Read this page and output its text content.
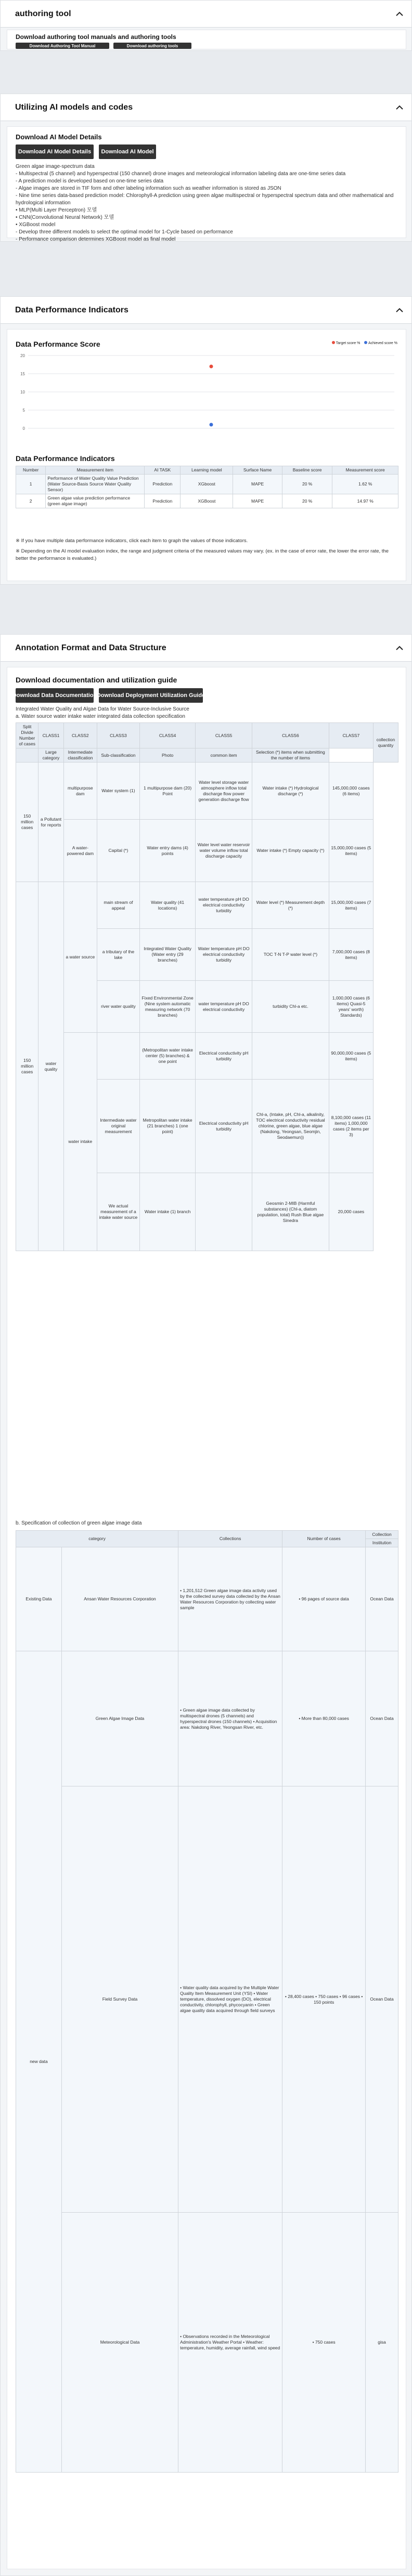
authoring tool
Download authoring tool manuals and authoring tools
Download Authoring Tool Manual	Download authoring tools
Utilizing AI models and codes
Download AI Model Details
Download AI Model Details	Download AI Model
Green algae image-spectrum data
- Multispectral (5 channel) and hyperspectral (150 channel) drone images and meteorological information labeling data are one-time series data
- A prediction model is developed based on one-time series data
- Algae images are stored in TIF form and other labeling information such as weather information is stored as JSON
- Nine time series data-based prediction model: Chlorophyll-A prediction using green algae multispectral or hyperspectral spectrum data and other mathematical and hydrological information
• MLP(Multi Layer Perceptron) 모델
• CNN(Convolutional Neural Network) 모델
• XGBoost model
- Develop three different models to select the optimal model for 1-Cycle based on performance
- Performance comparison determines XGBoost model as final model
Data Performance Indicators
Data Performance Score	Target score %	Achieved score %
0
5
10
15
20
Data Performance Indicators
Number	Measurement item	AI TASK	Learning model	Surface Name	Baseline score	Measurement score
1	Performance of Water Quality Value Prediction (Water Source-Basis Source Water Quality Sensor)	Prediction	XGboost	MAPE	20 %	1.62 %
2	Green algae value prediction performance (green algae image)	Prediction	XGBoost	MAPE	20 %	14.97 %
※ If you have multiple data performance indicators, click each item to graph the values of those indicators.
※ Depending on the AI model evaluation index, the range and judgment criteria of the measured values may vary. (ex. in the case of error rate, the lower the error rate, the better the performance is evaluated.)
Annotation Format and Data Structure
Download documentation and utilization guide
Download Data Documentation Download Deployment Utilization Guide
Integrated Water Quality and Algae Data for Water Source-Inclusive Source
a. Water source water intake water integrated data collection specification
Split
Divide
Number of cases	CLASS1	CLASS2	CLASS3	CLASS4	CLASS5	CLASS6	CLASS7	collection quantity
	Large category	Intermediate classification	Sub-classification	Photo	common item	Selection (*) items when submitting the number of items		
150 million cases	a Pollutant for reports	multipurpose dam	Water system (1)	1 multipurpose dam (20) Point	Water level storage water atmosphere inflow total discharge flow power generation discharge flow	Water intake (*) Hydrological discharge (*)	145,000,000 cases (6 items)	
		A water-powered dam	Capital (*)	Water entry dams (4) points	Water level water reservoir water volume inflow total discharge capacity	Water intake (*) Empty capacity (*)	15,000,000 cases (5 items)	
150 million cases	water quality	a water source	main stream of appeal	Water quality (41 locations)	water temperature pH DO electrical conductivity turbidity	Water level (*) Measurement depth (*)	15,000,000 cases (7 items)	
			a tributary of the lake	Integrated Water Quality (Water entry (29 branches)	Water temperature pH DO electrical conductivity turbidity	TOC T-N T-P water level (*)	7,000,000 cases (8 items)	
			river water quality	Fixed Environmental Zone (Nine system automatic measuring network (70 branches)	water temperature pH DO electrical conductivity	turbidity Chl-a etc.	1,000,000 cases (6 items) Quasi-5 years' worth) Standards)	
		water intake		(Metropolitan water intake center (5) branches) & one point	Electrical conductivity pH turbidity		90,000,000 cases (5 items)	
			Intermediate water original measurement	Metropolitan water intake (21 branches) 1 (one point)	Electrical conductivity pH turbidity	Chl-a, (Intake, pH, Chl-a, alkalinity, TOC electrical conductivity residual chlorine, green algae, blue algae (Nakdong, Yeongsan, Seomjin, Seodaemun))	8,100,000 cases (11 items) 1,000,000 cases (2 items per 3)	
			We actual measurement of a intake water source	Water intake (1) branch		Geosmin 2-MIB (Harmful substances) (Chl-a, diatom population, total) Rush Blue algae Sinedra	20,000 cases	
b. Specification of collection of green algae image data
category		Collections	Number of cases	Collection
				Institution
Existing Data	Ansan Water Resources Corporation	• 1,201,512 Green algae image data activity used by the collected survey data collected by the Ansan Water Resources Corporation by collecting water sample	• 96 pages of source data	Ocean Data
new data	Green Algae Image Data	• Green algae image data collected by multispectral drones (5 channels) and hyperspectral drones (150 channels) • Acquisition area: Nakdong River, Yeongsan River, etc.	• More than 80,000 cases	Ocean Data
	Field Survey Data	• Water quality data acquired by the Multiple Water Quality Item Measurement Unit (YSI) • Water temperature, dissolved oxygen (DO), electrical conductivity, chlorophyll, phycocyanin • Green algae quality data acquired through field surveys	• 28,400 cases • 750 cases • 96 cases • 150 points	Ocean Data
	Meteorological Data	• Observations recorded in the Meteorological Administration's Weather Portal • Weather: temperature, humidity, average rainfall, wind speed	• 750 cases	gisa
